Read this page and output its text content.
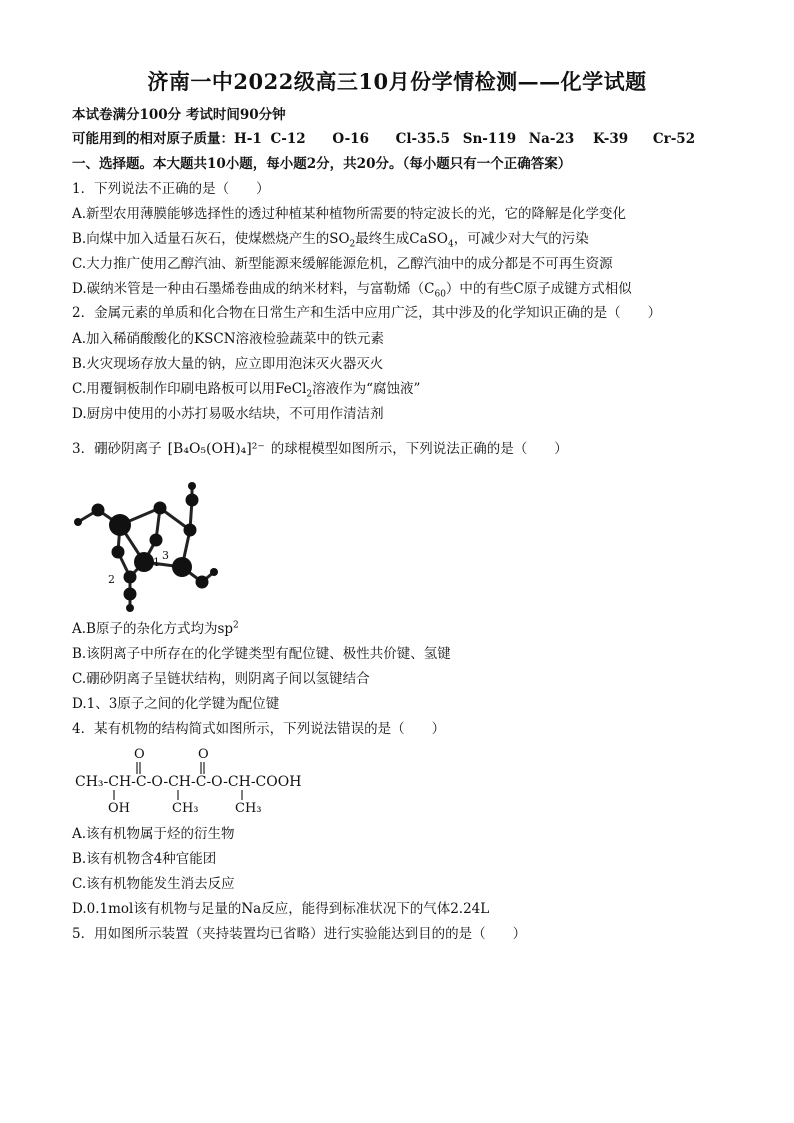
济南一中2022级高三10月份学情检测——化学试题
本试卷满分100分 考试时间90分钟
可能用到的相对原子质量：H-1 C-12 O-16 Cl-35.5 Sn-119 Na-23 K-39 Cr-52
一、选择题。本大题共10小题，每小题2分，共20分。（每小题只有一个正确答案）
1．下列说法不正确的是（　　）
A.新型农用薄膜能够选择性的透过种植某种植物所需要的特定波长的光，它的降解是化学变化
B.向煤中加入适量石灰石，使煤燃烧产生的$SO_2$最终生成CaSO$_4$，可减少对大气的污染
C.大力推广使用乙醇汽油、新型能源来缓解能源危机，乙醇汽油中的成分都是不可再生资源
D.碳纳米管是一种由石墨烯卷曲成的纳米材料，与富勒烯$(C_{60})$中的有些C原子成键方式相似
2．金属元素的单质和化合物在日常生产和生活中应用广泛，其中涉及的化学知识正确的是（　　）
A.加入稀硝酸酸化的KSCN溶液检验蔬菜中的铁元素
B.火灾现场存放大量的钠，应立即用泡沫灭火器灭火
C.用覆铜板制作印刷电路板可以用FeCl$_2$溶液作为“腐蚀液”
D.厨房中使用的小苏打易吸水结块，不可用作清洁剂
3．硼砂阴离子 [B₄O₅(OH)₄]²⁻ 的球棍模型如图所示，下列说法正确的是（　　）
1
2
3
A.B原子的杂化方式均为$sp^2$
B.该阴离子中所存在的化学键类型有配位键、极性共价键、氢键
C.硼砂阴离子呈链状结构，则阴离子间以氢键结合
D.1、3原子之间的化学键为配位键
4．某有机物的结构简式如图所示，下列说法错误的是（　　）
CH₃-CH-C-O-CH-C-O-CH-COOH
O	O
OH	CH₃	CH₃
A.该有机物属于烃的衍生物
B.该有机物含4种官能团
C.该有机物能发生消去反应
D.0.1mol该有机物与足量的Na反应，能得到标准状况下的气体2.24L
5．用如图所示装置（夹持装置均已省略）进行实验能达到目的的是（　　）
